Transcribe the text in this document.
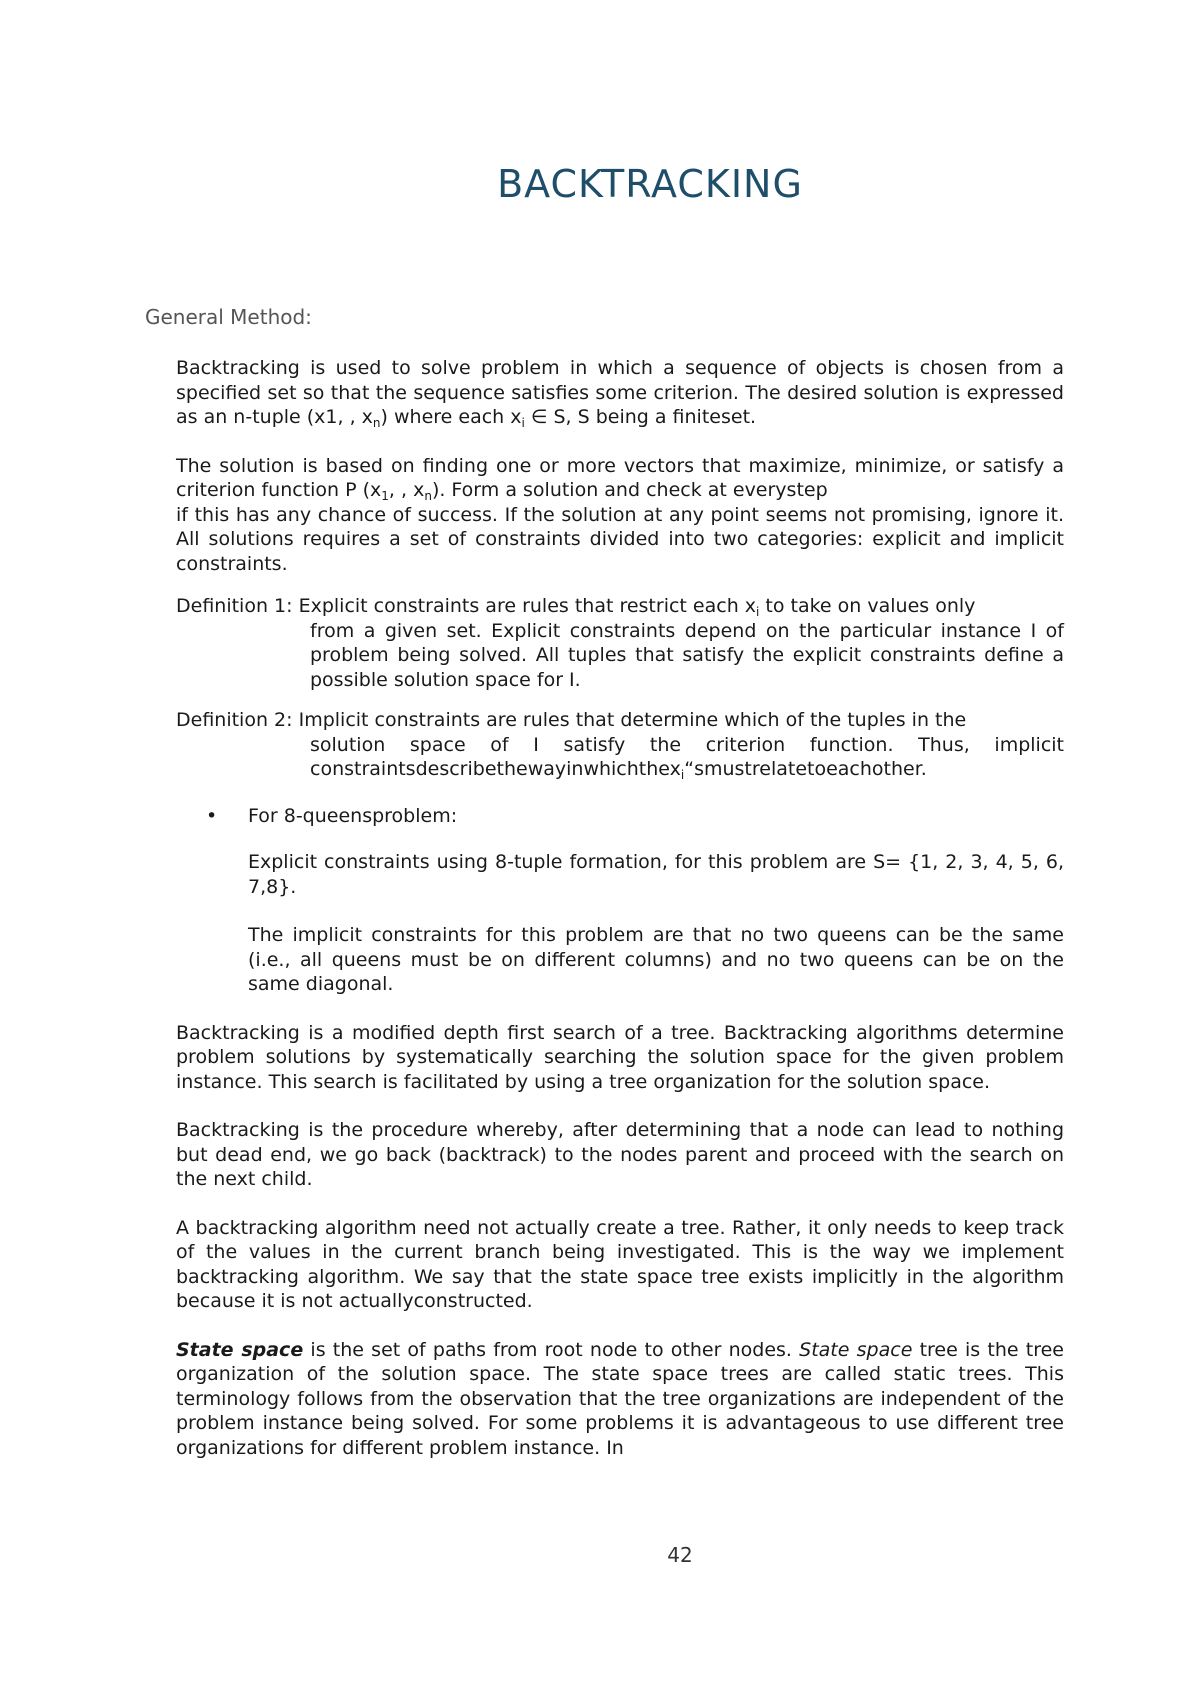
BACKTRACKING
General Method:

Backtracking is used to solve problem in which a sequence of objects is chosen from a specified set so that the sequence satisfies some criterion. The desired solution is expressed as an n-tuple (x1, , $x_n$) where each $x_i$ ∈ S, S being a finiteset.

The solution is based on finding one or more vectors that maximize, minimize, or satisfy a criterion function P ($x_1$, , $x_n$). Form a solution and check at everystep
if this has any chance of success. If the solution at any point seems not promising, ignore it. All solutions requires a set of constraints divided into two categories: explicit and implicit constraints.

Definition 1: Explicit constraints are rules that restrict each $x_i$ to take on values only
from a given set. Explicit constraints depend on the particular instance I of problem being solved. All tuples that satisfy the explicit constraints define a possible solution space for I.
Definition 2: Implicit constraints are rules that determine which of the tuples in the
solution space of I satisfy the criterion function. Thus, implicit constraintsdescribethewayinwhichthex$_i$“smustrelatetoeachother.
•	For 8-queensproblem:

Explicit constraints using 8-tuple formation, for this problem are S= {1, 2, 3, 4, 5, 6, 7,8}.

The implicit constraints for this problem are that no two queens can be the same (i.e., all queens must be on different columns) and no two queens can be on the same diagonal.

Backtracking is a modified depth first search of a tree. Backtracking algorithms determine problem solutions by systematically searching the solution space for the given problem instance. This search is facilitated by using a tree organization for the solution space.

Backtracking is the procedure whereby, after determining that a node can lead to nothing but dead end, we go back (backtrack) to the nodes parent and proceed with the search on the next child.

A backtracking algorithm need not actually create a tree. Rather, it only needs to keep track of the values in the current branch being investigated. This is the way we implement backtracking algorithm. We say that the state space tree exists implicitly in the algorithm because it is not actuallyconstructed.

State space is the set of paths from root node to other nodes. State space tree is the tree organization of the solution space. The state space trees are called static trees. This terminology follows from the observation that the tree organizations are independent of the problem instance being solved. For some problems it is advantageous to use different tree organizations for different problem instance. In

42
